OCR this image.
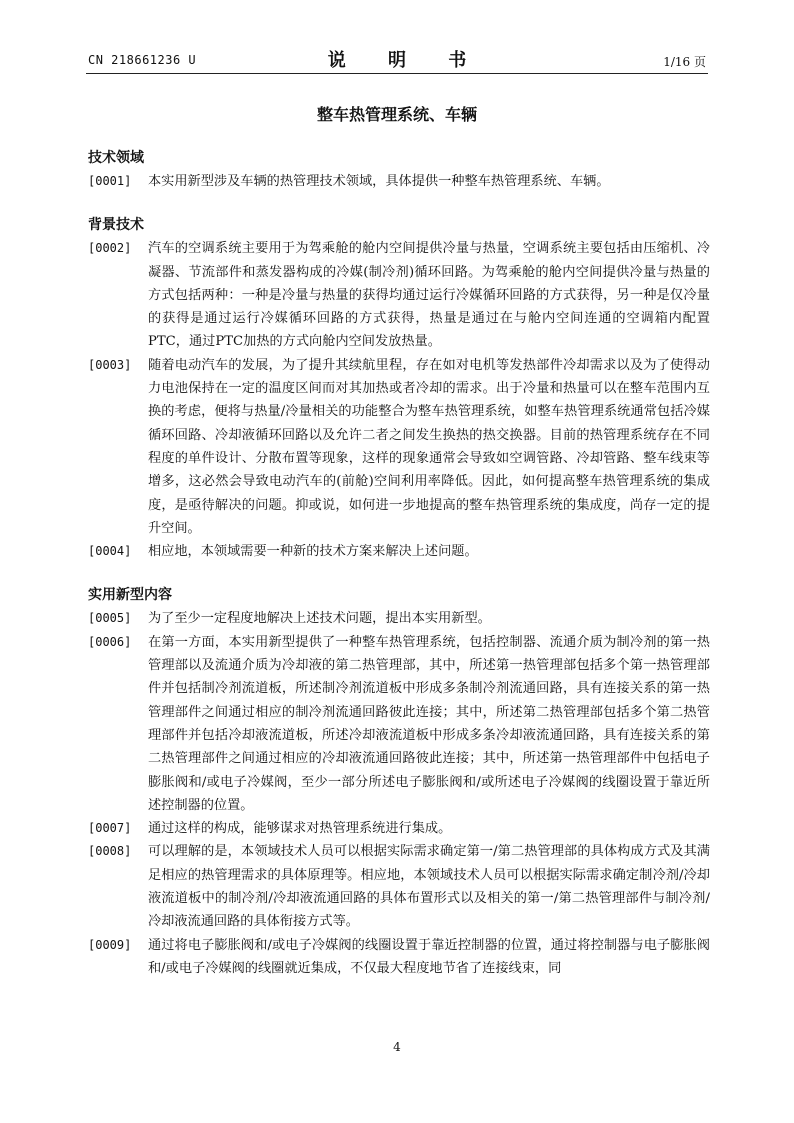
CN 218661236 U	说 明 书	1/16 页
整车热管理系统、车辆
技术领域
[0001]	本实用新型涉及车辆的热管理技术领域，具体提供一种整车热管理系统、车辆。
背景技术
[0002]	汽车的空调系统主要用于为驾乘舱的舱内空间提供冷量与热量，空调系统主要包括由压缩机、冷凝器、节流部件和蒸发器构成的冷媒(制冷剂)循环回路。为驾乘舱的舱内空间提供冷量与热量的方式包括两种：一种是冷量与热量的获得均通过运行冷媒循环回路的方式获得，另一种是仅冷量的获得是通过运行冷媒循环回路的方式获得，热量是通过在与舱内空间连通的空调箱内配置PTC，通过PTC加热的方式向舱内空间发放热量。
[0003]	随着电动汽车的发展，为了提升其续航里程，存在如对电机等发热部件冷却需求以及为了使得动力电池保持在一定的温度区间而对其加热或者冷却的需求。出于冷量和热量可以在整车范围内互换的考虑，便将与热量/冷量相关的功能整合为整车热管理系统，如整车热管理系统通常包括冷媒循环回路、冷却液循环回路以及允许二者之间发生换热的热交换器。目前的热管理系统存在不同程度的单件设计、分散布置等现象，这样的现象通常会导致如空调管路、冷却管路、整车线束等增多，这必然会导致电动汽车的(前舱)空间利用率降低。因此，如何提高整车热管理系统的集成度，是亟待解决的问题。抑或说，如何进一步地提高的整车热管理系统的集成度，尚存一定的提升空间。
[0004]	相应地，本领域需要一种新的技术方案来解决上述问题。
实用新型内容
[0005]	为了至少一定程度地解决上述技术问题，提出本实用新型。
[0006]	在第一方面，本实用新型提供了一种整车热管理系统，包括控制器、流通介质为制冷剂的第一热管理部以及流通介质为冷却液的第二热管理部，其中，所述第一热管理部包括多个第一热管理部件并包括制冷剂流道板，所述制冷剂流道板中形成多条制冷剂流通回路，具有连接关系的第一热管理部件之间通过相应的制冷剂流通回路彼此连接；其中，所述第二热管理部包括多个第二热管理部件并包括冷却液流道板，所述冷却液流道板中形成多条冷却液流通回路，具有连接关系的第二热管理部件之间通过相应的冷却液流通回路彼此连接；其中，所述第一热管理部件中包括电子膨胀阀和/或电子冷媒阀，至少一部分所述电子膨胀阀和/或所述电子冷媒阀的线圈设置于靠近所述控制器的位置。
[0007]	通过这样的构成，能够谋求对热管理系统进行集成。
[0008]	可以理解的是，本领域技术人员可以根据实际需求确定第一/第二热管理部的具体构成方式及其满足相应的热管理需求的具体原理等。相应地，本领域技术人员可以根据实际需求确定制冷剂/冷却液流道板中的制冷剂/冷却液流通回路的具体布置形式以及相关的第一/第二热管理部件与制冷剂/冷却液流通回路的具体衔接方式等。
[0009]	通过将电子膨胀阀和/或电子冷媒阀的线圈设置于靠近控制器的位置，通过将控制器与电子膨胀阀和/或电子冷媒阀的线圈就近集成，不仅最大程度地节省了连接线束，同
4
